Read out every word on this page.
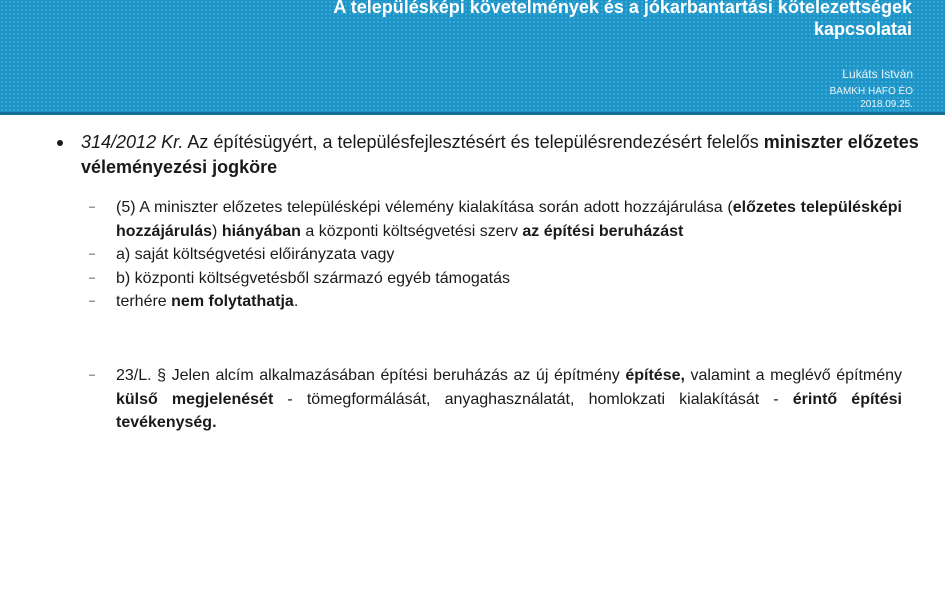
A településképi követelmények és a jókarbantartási kötelezettségek
kapcsolatai
Lukáts István
BAMKH HAFO ÉO
2018.09.25.
314/2012 Kr. Az építésügyért, a településfejlesztésért és településrendezésért felelős miniszter előzetes véleményezési jogköre
– (5) A miniszter előzetes településképi vélemény kialakítása során adott hozzájárulása (előzetes településképi hozzájárulás) hiányában a központi költségvetési szerv az építési beruházást
– a) saját költségvetési előirányzata vagy
– b) központi költségvetésből származó egyéb támogatás
– terhére nem folytathatja.
– 23/L. § Jelen alcím alkalmazásában építési beruházás az új építmény építése, valamint a meglévő építmény külső megjelenését - tömegformálását, anyaghasználatát, homlokzati kialakítását - érintő építési tevékenység.
